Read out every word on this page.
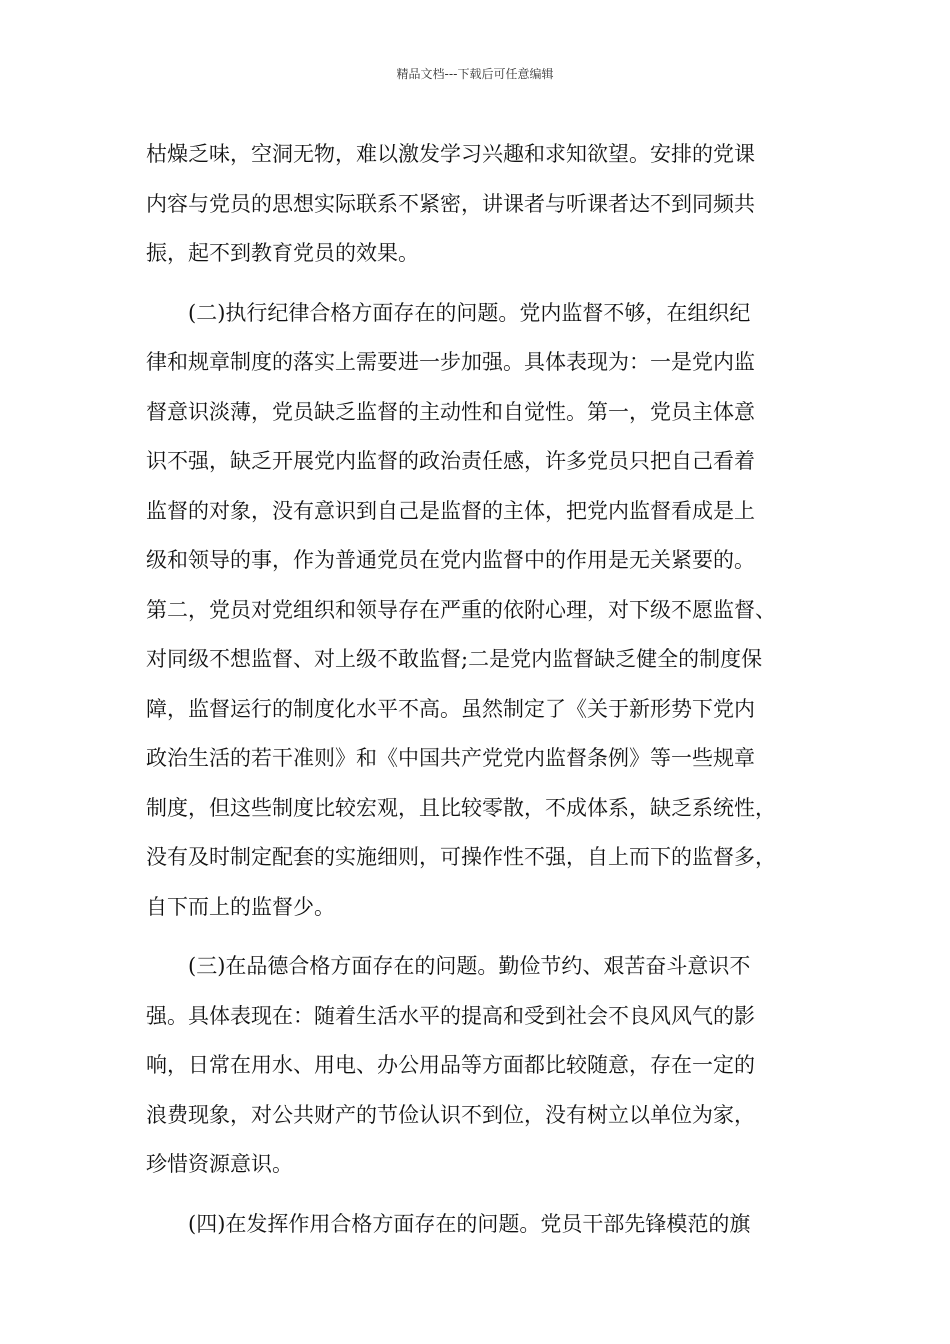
精品文档---下载后可任意编辑
枯燥乏味，空洞无物，难以激发学习兴趣和求知欲望。安排的党课
内容与党员的思想实际联系不紧密，讲课者与听课者达不到同频共
振，起不到教育党员的效果。
(二)执行纪律合格方面存在的问题。党内监督不够，在组织纪
律和规章制度的落实上需要进一步加强。具体表现为：一是党内监
督意识淡薄，党员缺乏监督的主动性和自觉性。第一，党员主体意
识不强，缺乏开展党内监督的政治责任感，许多党员只把自己看着
监督的对象，没有意识到自己是监督的主体，把党内监督看成是上
级和领导的事，作为普通党员在党内监督中的作用是无关紧要的。
第二，党员对党组织和领导存在严重的依附心理，对下级不愿监督、
对同级不想监督、对上级不敢监督;二是党内监督缺乏健全的制度保
障，监督运行的制度化水平不高。虽然制定了《关于新形势下党内
政治生活的若干准则》和《中国共产党党内监督条例》等一些规章
制度，但这些制度比较宏观，且比较零散，不成体系，缺乏系统性，
没有及时制定配套的实施细则，可操作性不强，自上而下的监督多，
自下而上的监督少。
(三)在品德合格方面存在的问题。勤俭节约、艰苦奋斗意识不
强。具体表现在：随着生活水平的提高和受到社会不良风风气的影
响，日常在用水、用电、办公用品等方面都比较随意，存在一定的
浪费现象，对公共财产的节俭认识不到位，没有树立以单位为家，
珍惜资源意识。
(四)在发挥作用合格方面存在的问题。党员干部先锋模范的旗
